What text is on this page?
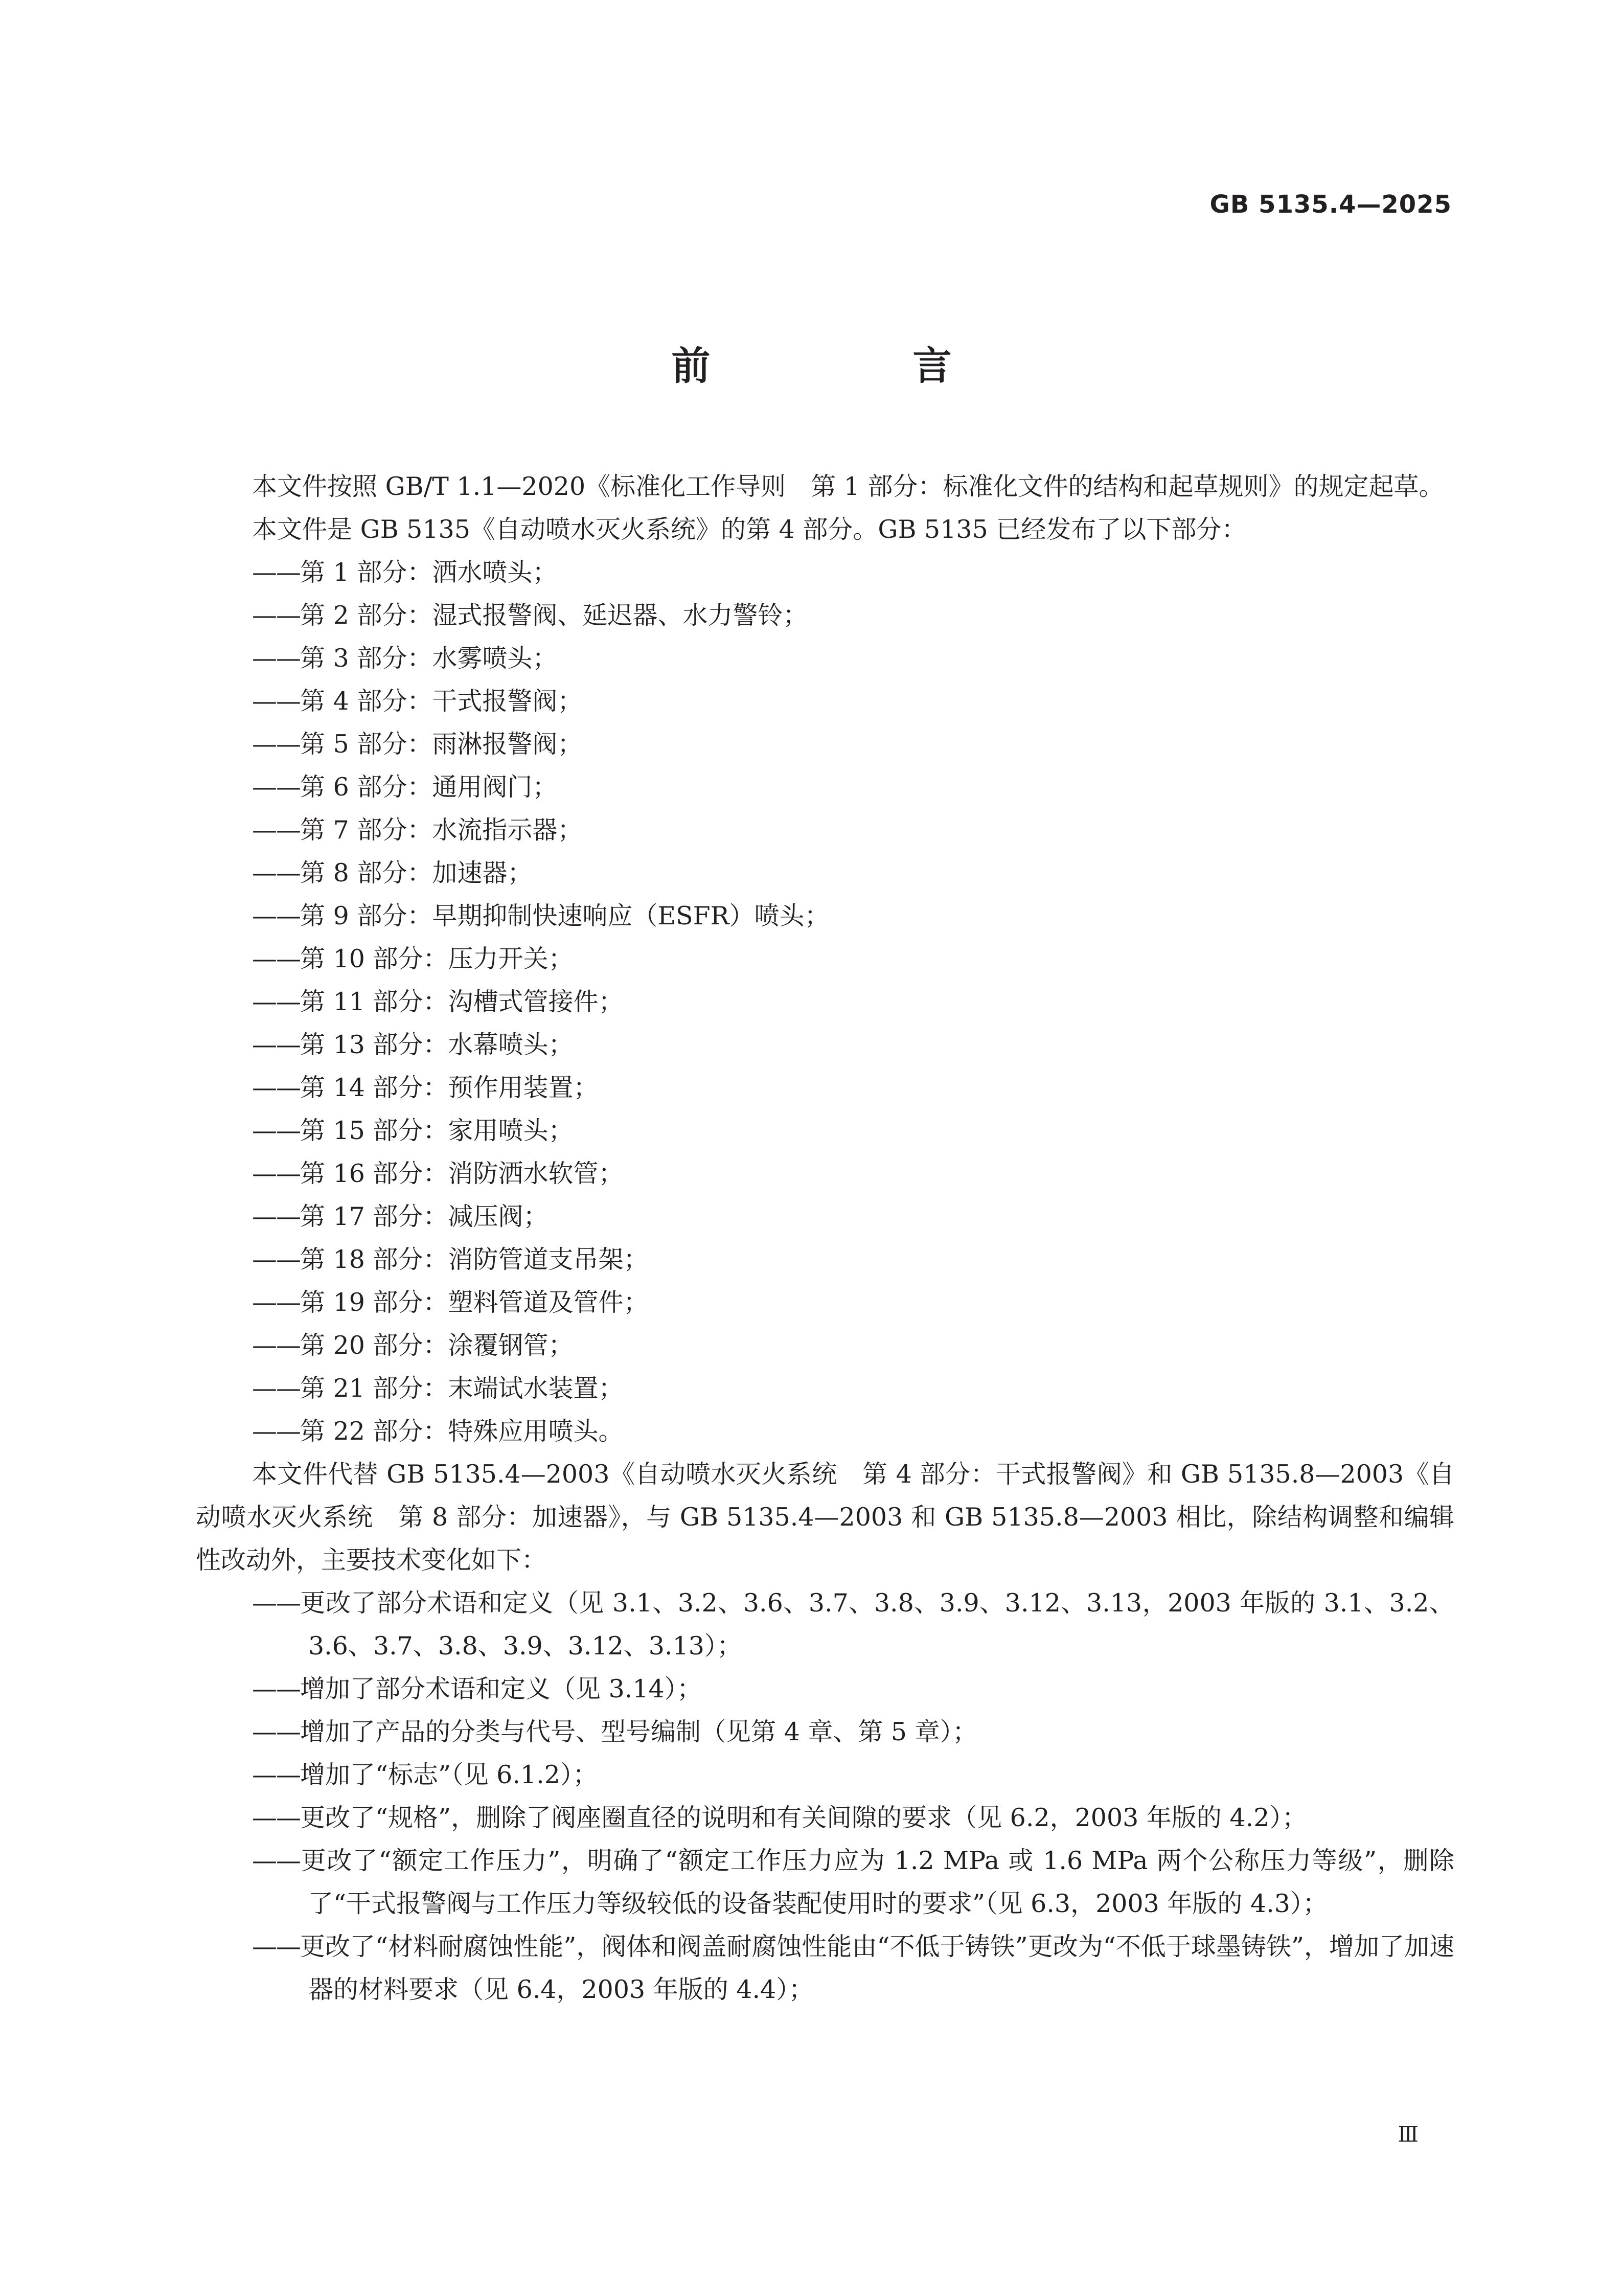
GB 5135.4—2025
前　言

本文件按照 GB/T 1.1—2020《标准化工作导则　第 1 部分：标准化文件的结构和起草规则》的规定起草。

本文件是 GB 5135《自动喷水灭火系统》的第 4 部分。GB 5135 已经发布了以下部分：

——第 1 部分：洒水喷头；

——第 2 部分：湿式报警阀、延迟器、水力警铃；

——第 3 部分：水雾喷头；

——第 4 部分：干式报警阀；

——第 5 部分：雨淋报警阀；

——第 6 部分：通用阀门；

——第 7 部分：水流指示器；

——第 8 部分：加速器；

——第 9 部分：早期抑制快速响应（ESFR）喷头；

——第 10 部分：压力开关；

——第 11 部分：沟槽式管接件；

——第 13 部分：水幕喷头；

——第 14 部分：预作用装置；

——第 15 部分：家用喷头；

——第 16 部分：消防洒水软管；

——第 17 部分：减压阀；

——第 18 部分：消防管道支吊架；

——第 19 部分：塑料管道及管件；

——第 20 部分：涂覆钢管；

——第 21 部分：末端试水装置；

——第 22 部分：特殊应用喷头。

本文件代替 GB 5135.4—2003《自动喷水灭火系统　第 4 部分：干式报警阀》和 GB 5135.8—2003《自动喷水灭火系统　第 8 部分：加速器》，与 GB 5135.4—2003 和 GB 5135.8—2003 相比，除结构调整和编辑性改动外，主要技术变化如下：

——更改了部分术语和定义（见 3.1、3.2、3.6、3.7、3.8、3.9、3.12、3.13，2003 年版的 3.1、3.2、3.6、3.7、3.8、3.9、3.12、3.13）；

——增加了部分术语和定义（见 3.14）；

——增加了产品的分类与代号、型号编制（见第 4 章、第 5 章）；

——增加了“标志”（见 6.1.2）；

——更改了“规格”，删除了阀座圈直径的说明和有关间隙的要求（见 6.2，2003 年版的 4.2）；

——更改了“额定工作压力”，明确了“额定工作压力应为 1.2 MPa 或 1.6 MPa 两个公称压力等级”，删除了“干式报警阀与工作压力等级较低的设备装配使用时的要求”（见 6.3，2003 年版的 4.3）；

——更改了“材料耐腐蚀性能”，阀体和阀盖耐腐蚀性能由“不低于铸铁”更改为“不低于球墨铸铁”，增加了加速器的材料要求（见 6.4，2003 年版的 4.4）；

Ⅲ
